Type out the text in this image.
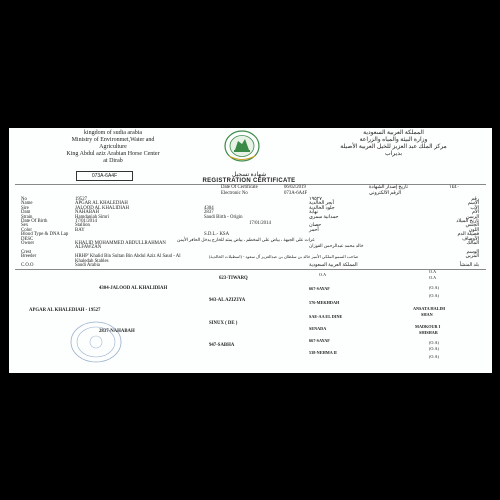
kingdom of sudia arabia
Ministry of Environmet,Water and
Agriculture
King Abdul aziz Arabian Horse Center
at Dirab
المملكة العربية السعودية
وزارة البيئة والمياه والزراعة
مركز الملك عبد العزيز للخيل العربية الأصيلة
بديراب
073A-6A4F	شهادة تسجيل
REGISTRATION CERTIFICATE
Date Of Certificate	06/02/2019	تاريخ إصدار الشهادة
Electronic No	073A-6A4F	الرقم الالكتروني
No	19527	١٩٥٢٧	رقم
Name	APGAR AL KHALEDIAH	أبجر الخالدية	الاسم
Sire	JALOOD AL KHALIDIAH	4304	جلود الخالدية	الأب
Dam	NAHABAH	2837	نهابة	الأم
Strain	Hamdaniah Simri	Saudi Birth - Origin	حمدانية سمري	الرسن
Date Of Birth	17/01/2014	تاريخ الميلاد
Sex	Stallion	حصان	الجنس
Color	BAY	أحمر	اللون
Blood Type & DNA Lap	S.D.L.- KSA	فصيلة الدم
DESC	الأوصاف
Owner	KHALID MOHAMMED ABDULLRAHMAN	المالك
ALFAWZAN
Crest	الوسم
Breeder	HRHP' Khalid Bin Sultan Bin Abdul Aziz Al Saud - Al	المربي
Khaledah Stables
C.O.O	Saudi Arabia	المملكة العربية السعودية	بلد المنشأ
17/01/2014
١٤٤٠
غرات على الجبهة ، بياض على المخطم ، بياض يمتد للخارج يدخل الحافر الأيمن
خالد محمد عبدالرحمن الفوزان
صاحب السمو الملكي الأمير خالد بن سلطان بن عبدالعزيز آل سعود - (اسطبلات الخالدية)
623-TIWARQ
4304-JALOOD AL KHALIDIAH
943-AL AZIZIYA
APGAR AL KHALEDIAH - 19527
SINUX ( DE )
2837-NAHABAH
947-SABHA
O.A
667-SAYAF
576-MEKHDAH
SAE-AA EL DINE
SENADA
667-SAYAF
538-NEHMA II
O.A
O.A
(O.A)
(O.A)
ANSATA HALIM
SHAN
MADKOUR I
SHISHAB
(O.A)
(O.A)
(O.A)
